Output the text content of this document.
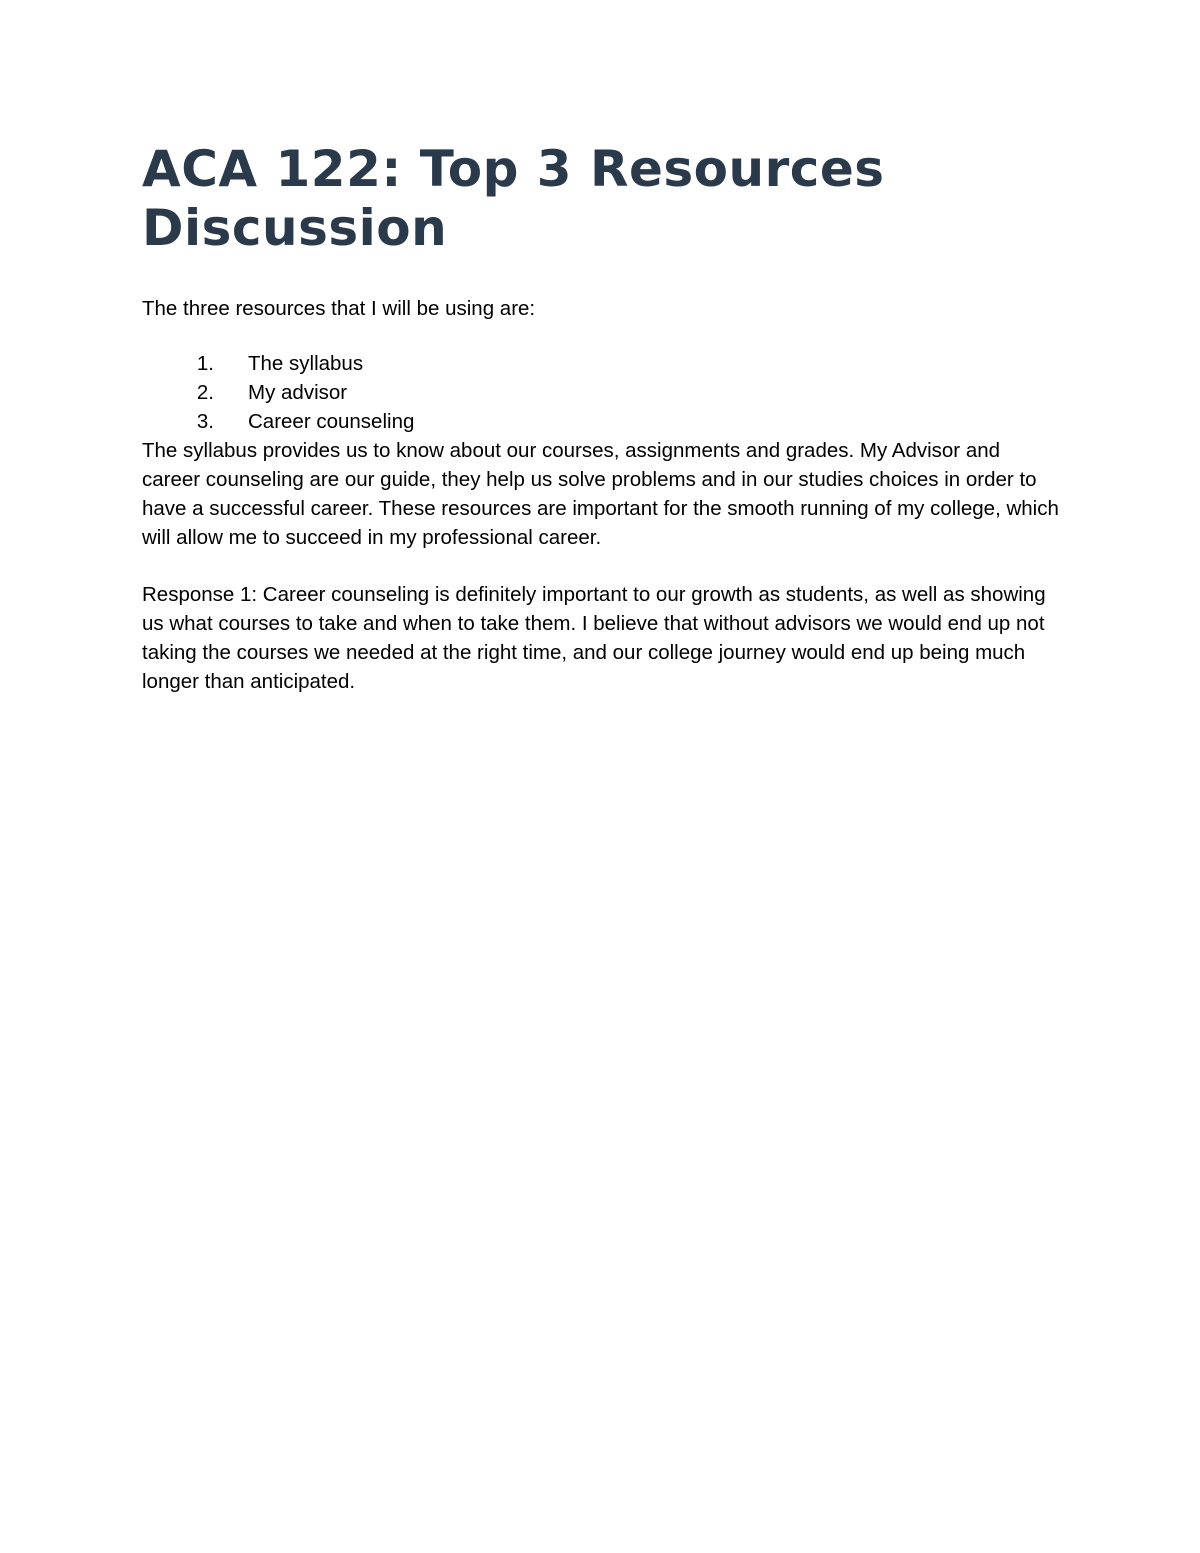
ACA 122: Top 3 Resources Discussion

The three resources that I will be using are:

1. The syllabus
2. My advisor
3. Career counseling

The syllabus provides us to know about our courses, assignments and grades. My Advisor and career counseling are our guide, they help us solve problems and in our studies choices in order to have a successful career. These resources are important for the smooth running of my college, which will allow me to succeed in my professional career.

Response 1: Career counseling is definitely important to our growth as students, as well as showing us what courses to take and when to take them. I believe that without advisors we would end up not taking the courses we needed at the right time, and our college journey would end up being much longer than anticipated.
